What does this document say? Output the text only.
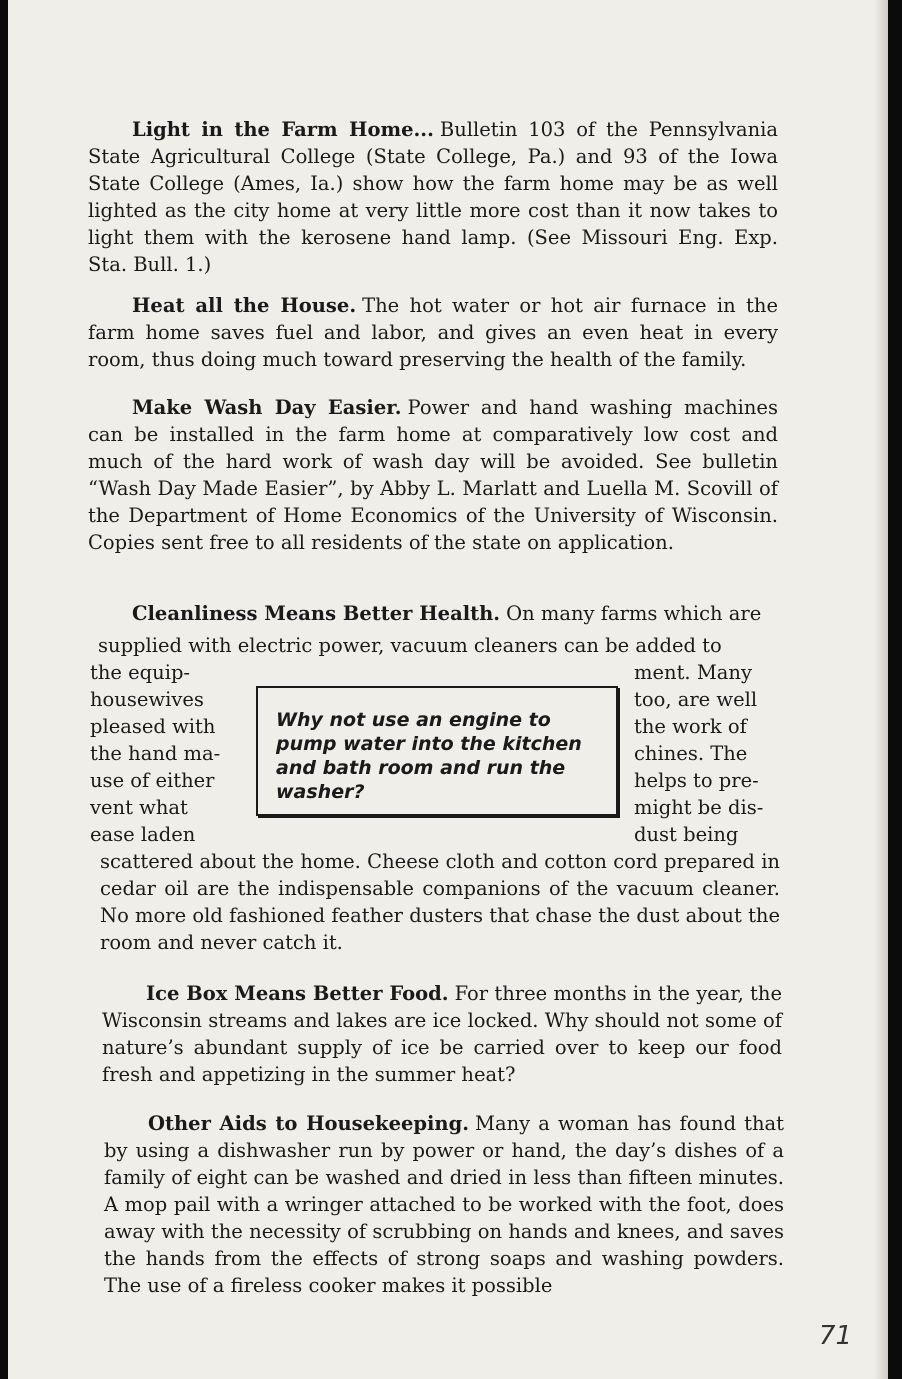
Light in the Farm Home... Bulletin 103 of the Pennsylvania State Agricultural College (State College, Pa.) and 93 of the Iowa State College (Ames, Ia.) show how the farm home may be as well lighted as the city home at very little more cost than it now takes to light them with the kerosene hand lamp. (See Missouri Eng. Exp. Sta. Bull. 1.)
Heat all the House. The hot water or hot air furnace in the farm home saves fuel and labor, and gives an even heat in every room, thus doing much toward preserving the health of the family.
Make Wash Day Easier. Power and hand washing machines can be installed in the farm home at comparatively low cost and much of the hard work of wash day will be avoided. See bulletin “Wash Day Made Easier”, by Abby L. Marlatt and Luella M. Scovill of the Department of Home Economics of the University of Wisconsin. Copies sent free to all residents of the state on application.
Cleanliness Means Better Health. On many farms which are
supplied with electric power, vacuum cleaners can be added to
the equip-
housewives
pleased with
the hand ma-
use of either
vent what
ease laden
ment. Many
too, are well
the work of
chines. The
helps to pre-
might be dis-
dust being
Why not use an engine to pump water into the kitchen and bath room and run the washer?
scattered about the home. Cheese cloth and cotton cord prepared in cedar oil are the indispensable companions of the vacuum cleaner. No more old fashioned feather dusters that chase the dust about the room and never catch it.
Ice Box Means Better Food. For three months in the year, the Wisconsin streams and lakes are ice locked. Why should not some of nature’s abundant supply of ice be carried over to keep our food fresh and appetizing in the summer heat?
Other Aids to Housekeeping. Many a woman has found that by using a dishwasher run by power or hand, the day’s dishes of a family of eight can be washed and dried in less than fifteen minutes. A mop pail with a wringer attached to be worked with the foot, does away with the necessity of scrubbing on hands and knees, and saves the hands from the effects of strong soaps and washing powders. The use of a fireless cooker makes it possible
71
